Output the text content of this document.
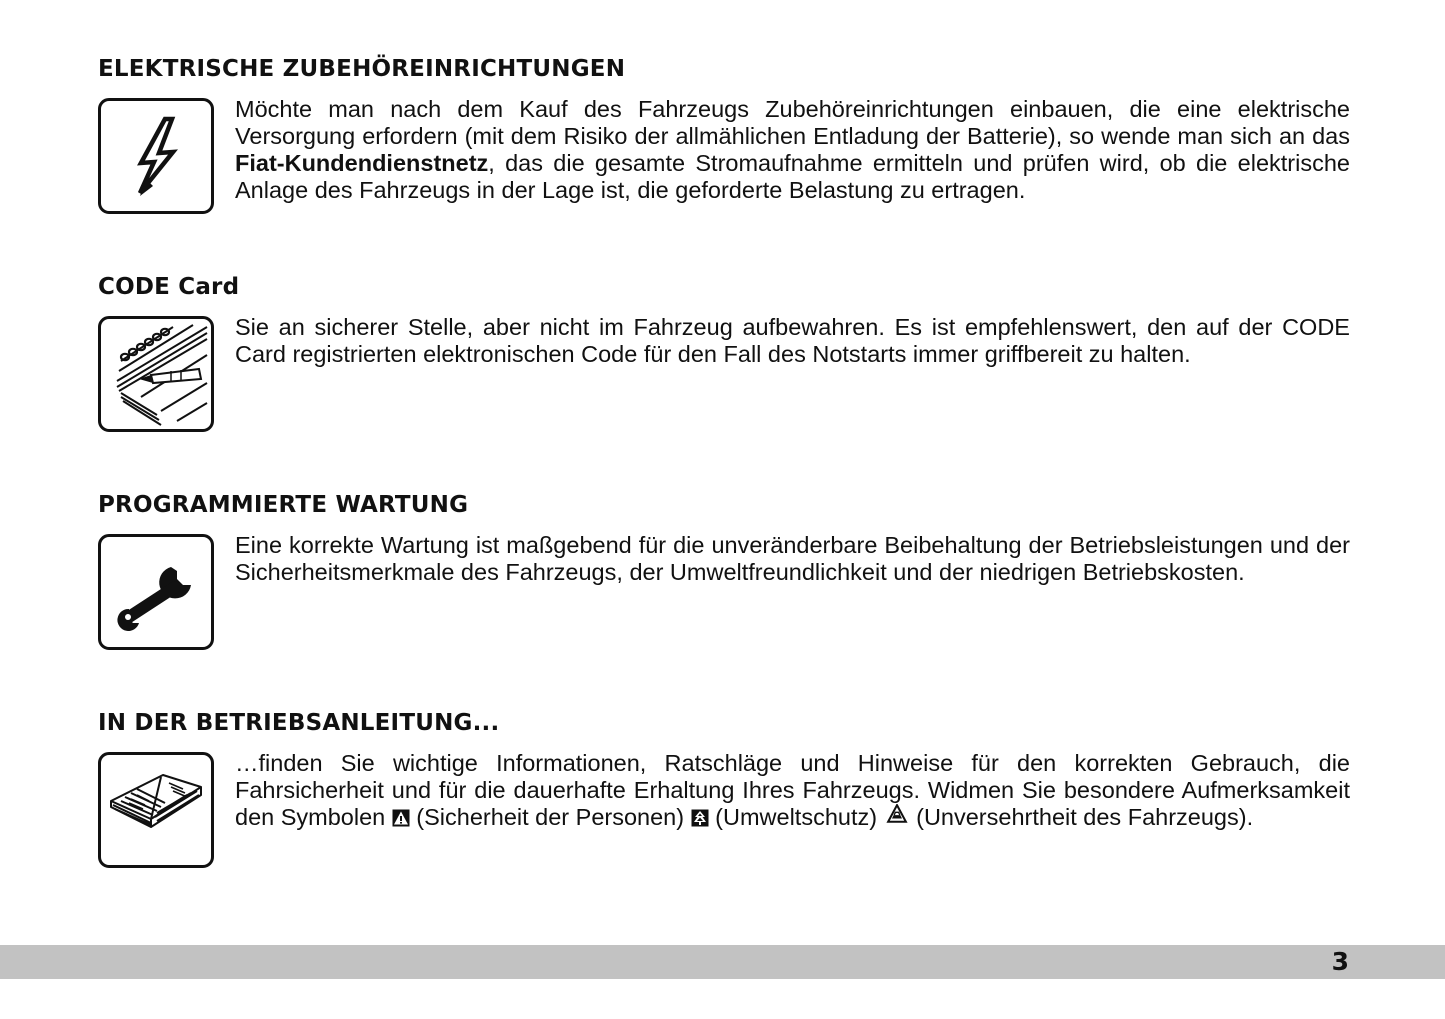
ELEKTRISCHE ZUBEHÖREINRICHTUNGEN

Möchte man nach dem Kauf des Fahrzeugs Zubehöreinrichtungen einbauen, die eine elektrische Versorgung erfordern (mit dem Risiko der allmählichen Entladung der Batterie), so wende man sich an das Fiat-Kundendienstnetz, das die gesamte Stromaufnahme ermitteln und prüfen wird, ob die elektrische Anlage des Fahrzeugs in der Lage ist, die geforderte Belastung zu ertragen.

CODE Card

Sie an sicherer Stelle, aber nicht im Fahrzeug aufbewahren. Es ist empfehlenswert, den auf der CODE Card registrierten elektronischen Code für den Fall des Notstarts immer griffbereit zu halten.

PROGRAMMIERTE WARTUNG

Eine korrekte Wartung ist maßgebend für die unveränderbare Beibehaltung der Betriebsleistungen und der Sicherheitsmerkmale des Fahrzeugs, der Umweltfreundlichkeit und der niedrigen Betriebskosten.

IN DER BETRIEBSANLEITUNG...

…finden Sie wichtige Informationen, Ratschläge und Hinweise für den korrekten Gebrauch, die Fahrsicherheit und für die dauerhafte Erhaltung Ihres Fahrzeugs. Widmen Sie besondere Aufmerksamkeit den Symbolen  (Sicherheit der Personen)  (Umweltschutz)  (Unversehrtheit des Fahrzeugs).

3
